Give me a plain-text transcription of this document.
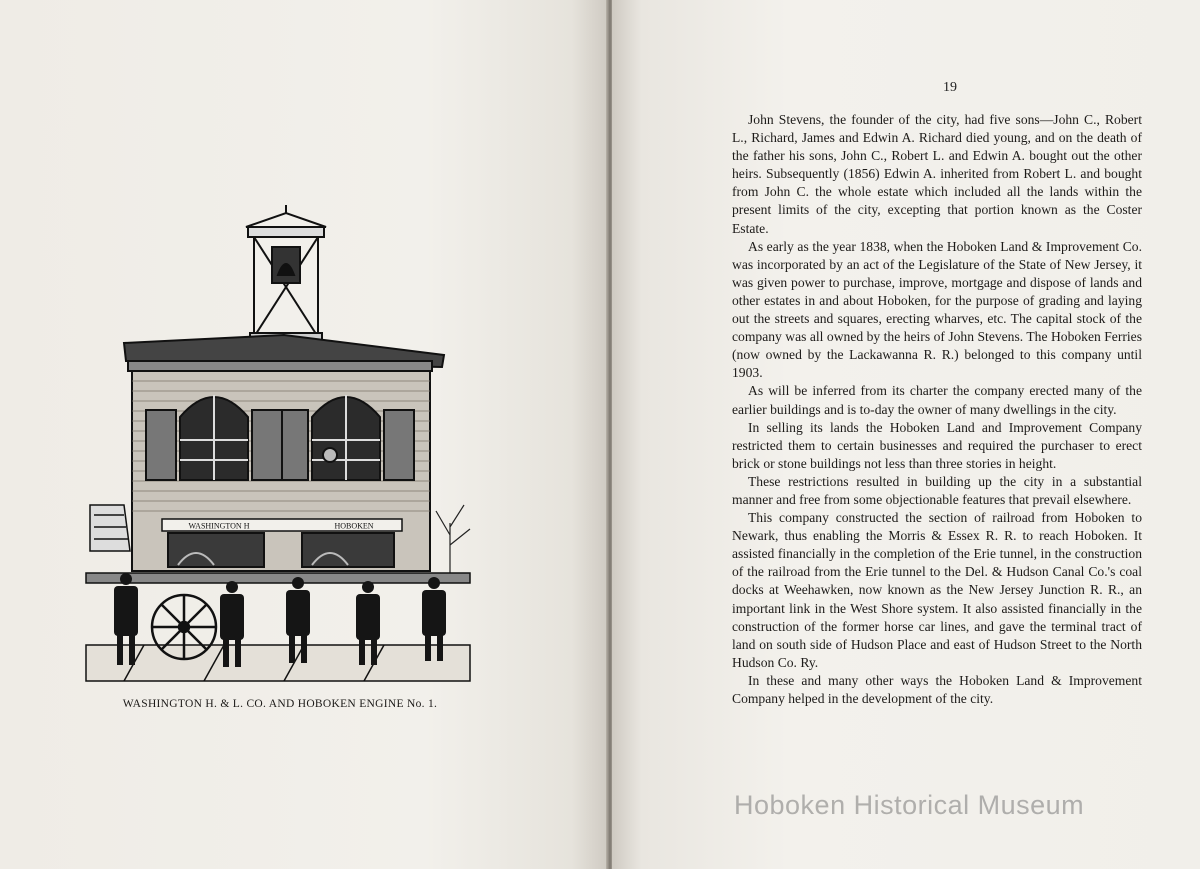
WASHINGTON H	HOBOKEN
WASHINGTON H. & L. CO. AND HOBOKEN ENGINE No. 1.
19

John Stevens, the founder of the city, had five sons—John C., Robert L., Richard, James and Edwin A. Richard died young, and on the death of the father his sons, John C., Robert L. and Edwin A. bought out the other heirs. Subsequently (1856) Edwin A. inherited from Robert L. and bought from John C. the whole estate which included all the lands within the present limits of the city, excepting that portion known as the Coster Estate.

As early as the year 1838, when the Hoboken Land & Improvement Co. was incorporated by an act of the Legislature of the State of New Jersey, it was given power to purchase, improve, mortgage and dispose of lands and other estates in and about Hoboken, for the purpose of grading and laying out the streets and squares, erecting wharves, etc. The capital stock of the company was all owned by the heirs of John Stevens. The Hoboken Ferries (now owned by the Lackawanna R. R.) belonged to this company until 1903.

As will be inferred from its charter the company erected many of the earlier buildings and is to-day the owner of many dwellings in the city.

In selling its lands the Hoboken Land and Improvement Company restricted them to certain businesses and required the purchaser to erect brick or stone buildings not less than three stories in height.

These restrictions resulted in building up the city in a substantial manner and free from some objectionable features that prevail elsewhere.

This company constructed the section of railroad from Hoboken to Newark, thus enabling the Morris & Essex R. R. to reach Hoboken. It assisted financially in the completion of the Erie tunnel, in the construction of the railroad from the Erie tunnel to the Del. & Hudson Canal Co.'s coal docks at Weehawken, now known as the New Jersey Junction R. R., an important link in the West Shore system. It also assisted financially in the construction of the former horse car lines, and gave the terminal tract of land on south side of Hudson Place and east of Hudson Street to the North Hudson Co. Ry.

In these and many other ways the Hoboken Land & Improvement Company helped in the development of the city.

Hoboken Historical Museum
